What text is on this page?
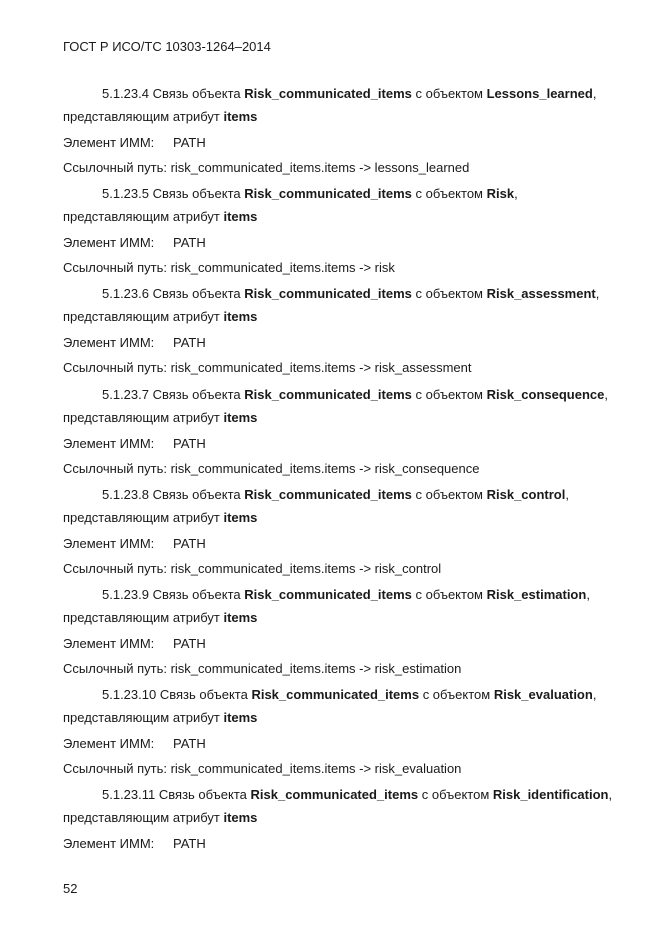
ГОСТ Р ИСО/ТС 10303-1264–2014
5.1.23.4 Связь объекта Risk_communicated_items с объектом Lessons_learned,
представляющим атрибут items
Элемент ИММ: PATH
Ссылочный путь: risk_communicated_items.items -> lessons_learned
5.1.23.5 Связь объекта Risk_communicated_items с объектом Risk,
представляющим атрибут items
Элемент ИММ: PATH
Ссылочный путь: risk_communicated_items.items -> risk
5.1.23.6 Связь объекта Risk_communicated_items с объектом Risk_assessment,
представляющим атрибут items
Элемент ИММ: PATH
Ссылочный путь: risk_communicated_items.items -> risk_assessment
5.1.23.7 Связь объекта Risk_communicated_items с объектом Risk_consequence,
представляющим атрибут items
Элемент ИММ: PATH
Ссылочный путь: risk_communicated_items.items -> risk_consequence
5.1.23.8 Связь объекта Risk_communicated_items с объектом Risk_control,
представляющим атрибут items
Элемент ИММ: PATH
Ссылочный путь: risk_communicated_items.items -> risk_control
5.1.23.9 Связь объекта Risk_communicated_items с объектом Risk_estimation,
представляющим атрибут items
Элемент ИММ: PATH
Ссылочный путь: risk_communicated_items.items -> risk_estimation
5.1.23.10 Связь объекта Risk_communicated_items с объектом Risk_evaluation,
представляющим атрибут items
Элемент ИММ: PATH
Ссылочный путь: risk_communicated_items.items -> risk_evaluation
5.1.23.11 Связь объекта Risk_communicated_items с объектом Risk_identification,
представляющим атрибут items
Элемент ИММ: PATH
52
